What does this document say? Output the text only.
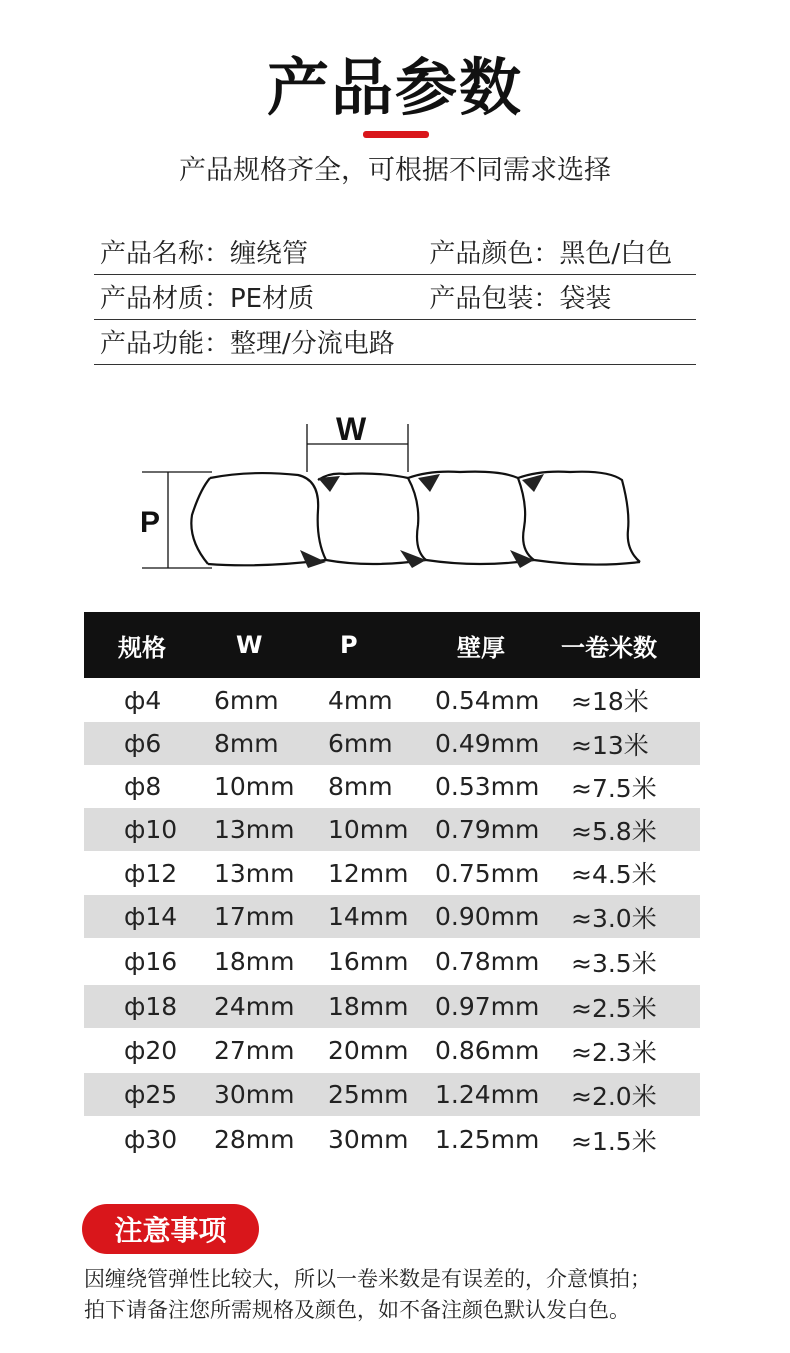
产品参数
产品规格齐全，可根据不同需求选择
产品名称：缠绕管	产品颜色：黑色/白色
产品材质：PE材质	产品包装：袋装
产品功能：整理/分流电路
W
P
规格	W	P	壁厚	一卷米数
ф4	6mm	4mm	0.54mm	≈18米
ф6	8mm	6mm	0.49mm	≈13米
ф8	10mm	8mm	0.53mm	≈7.5米
ф10	13mm	10mm	0.79mm	≈5.8米
ф12	13mm	12mm	0.75mm	≈4.5米
ф14	17mm	14mm	0.90mm	≈3.0米
ф16	18mm	16mm	0.78mm	≈3.5米
ф18	24mm	18mm	0.97mm	≈2.5米
ф20	27mm	20mm	0.86mm	≈2.3米
ф25	30mm	25mm	1.24mm	≈2.0米
ф30	28mm	30mm	1.25mm	≈1.5米
注意事项
因缠绕管弹性比较大，所以一卷米数是有误差的，介意慎拍；
拍下请备注您所需规格及颜色，如不备注颜色默认发白色。
